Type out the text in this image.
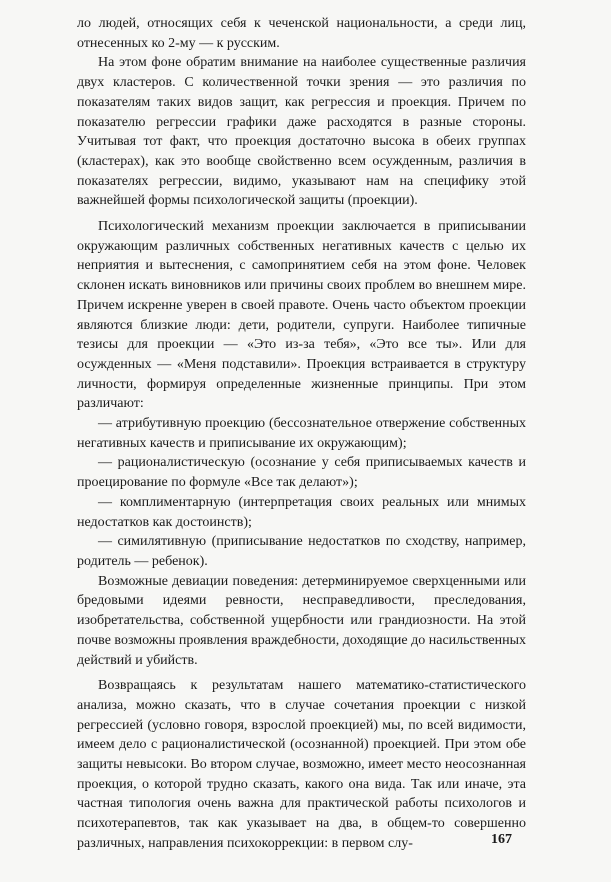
ло людей, относящих себя к чеченской национальности, а среди лиц, отнесенных ко 2-му — к русским.

На этом фоне обратим внимание на наиболее существенные различия двух кластеров. С количественной точки зрения — это различия по показателям таких видов защит, как регрессия и проекция. Причем по показателю регрессии графики даже расходятся в разные стороны. Учитывая тот факт, что проекция достаточно высока в обеих группах (кластерах), как это вообще свойственно всем осужденным, различия в показателях регрессии, видимо, указывают нам на специфику этой важнейшей формы психологической защиты (проекции).

Психологический механизм проекции заключается в приписывании окружающим различных собственных негативных качеств с целью их неприятия и вытеснения, с самопринятием себя на этом фоне. Человек склонен искать виновников или причины своих проблем во внешнем мире. Причем искренне уверен в своей правоте. Очень часто объектом проекции являются близкие люди: дети, родители, супруги. Наиболее типичные тезисы для проекции — «Это из-за тебя», «Это все ты». Или для осужденных — «Меня подставили». Проекция встраивается в структуру личности, формируя определенные жизненные принципы. При этом различают:

— атрибутивную проекцию (бессознательное отвержение собственных негативных качеств и приписывание их окружающим);

— рационалистическую (осознание у себя приписываемых качеств и проецирование по формуле «Все так делают»);

— комплиментарную (интерпретация своих реальных или мнимых недостатков как достоинств);

— симилятивную (приписывание недостатков по сходству, например, родитель — ребенок).

Возможные девиации поведения: детерминируемое сверхценными или бредовыми идеями ревности, несправедливости, преследования, изобретательства, собственной ущербности или грандиозности. На этой почве возможны проявления враждебности, доходящие до насильственных действий и убийств.

Возвращаясь к результатам нашего математико-статистического анализа, можно сказать, что в случае сочетания проекции с низкой регрессией (условно говоря, взрослой проекцией) мы, по всей видимости, имеем дело с рационалистической (осознанной) проекцией. При этом обе защиты невысоки. Во втором случае, возможно, имеет место неосознанная проекция, о которой трудно сказать, какого она вида. Так или иначе, эта частная типология очень важна для практической работы психологов и психотерапевтов, так как указывает на два, в общем-то совершенно различных, направления психокоррекции: в первом слу-	167
